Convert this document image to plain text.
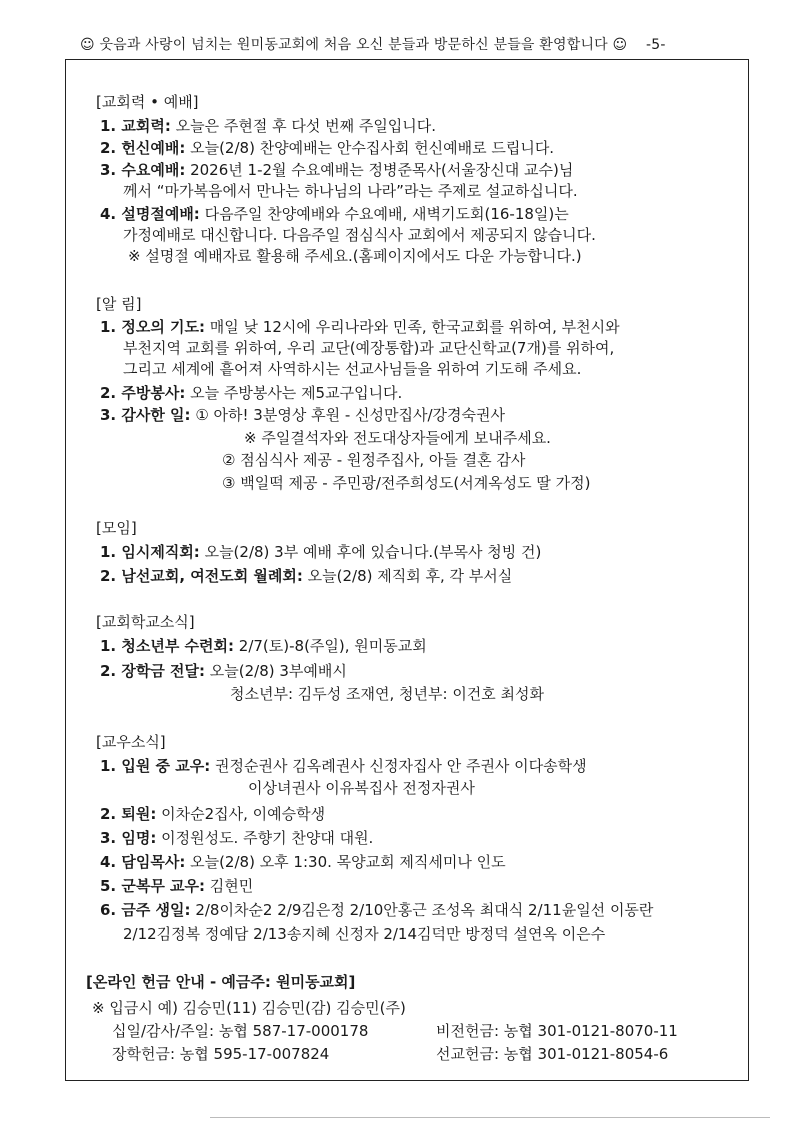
☺ 웃음과 사랑이 넘치는 원미동교회에 처음 오신 분들과 방문하신 분들을 환영합니다 ☺ -5-
[교회력 • 예배]
1. 교회력: 오늘은 주현절 후 다섯 번째 주일입니다.
2. 헌신예배: 오늘(2/8) 찬양예배는 안수집사회 헌신예배로 드립니다.
3. 수요예배: 2026년 1-2월 수요예배는 정병준목사(서울장신대 교수)님
께서 “마가복음에서 만나는 하나님의 나라”라는 주제로 설교하십니다.
4. 설명절예배: 다음주일 찬양예배와 수요예배, 새벽기도회(16-18일)는
가정예배로 대신합니다. 다음주일 점심식사 교회에서 제공되지 않습니다.
※ 설명절 예배자료 활용해 주세요.(홈페이지에서도 다운 가능합니다.)
[알 림]
1. 정오의 기도: 매일 낮 12시에 우리나라와 민족, 한국교회를 위하여, 부천시와
부천지역 교회를 위하여, 우리 교단(예장통합)과 교단신학교(7개)를 위하여,
그리고 세계에 흩어져 사역하시는 선교사님들을 위하여 기도해 주세요.
2. 주방봉사: 오늘 주방봉사는 제5교구입니다.
3. 감사한 일: ① 아하! 3분영상 후원 - 신성만집사/강경숙권사
※ 주일결석자와 전도대상자들에게 보내주세요.
② 점심식사 제공 - 원정주집사, 아들 결혼 감사
③ 백일떡 제공 - 주민광/전주희성도(서계옥성도 딸 가정)
[모임]
1. 임시제직회: 오늘(2/8) 3부 예배 후에 있습니다.(부목사 청빙 건)
2. 남선교회, 여전도회 월례회: 오늘(2/8) 제직회 후, 각 부서실
[교회학교소식]
1. 청소년부 수련회: 2/7(토)-8(주일), 원미동교회
2. 장학금 전달: 오늘(2/8) 3부예배시
청소년부: 김두성 조재연, 청년부: 이건호 최성화
[교우소식]
1. 입원 중 교우: 권정순권사 김옥례권사 신정자집사 안 주권사 이다송학생
이상녀권사 이유복집사 전정자권사
2. 퇴원: 이차순2집사, 이예승학생
3. 임명: 이정원성도. 주향기 찬양대 대원.
4. 담임목사: 오늘(2/8) 오후 1:30. 목양교회 제직세미나 인도
5. 군복무 교우: 김현민
6. 금주 생일: 2/8이차순2 2/9김은정 2/10안홍근 조성옥 최대식 2/11윤일선 이동란
2/12김정복 정예담 2/13송지혜 신정자 2/14김덕만 방정덕 설연옥 이은수
[온라인 헌금 안내 - 예금주: 원미동교회]
※ 입금시 예) 김승민(11) 김승민(감) 김승민(주)
십일/감사/주일: 농협 587-17-000178	비전헌금: 농협 301-0121-8070-11
장학헌금: 농협 595-17-007824	선교헌금: 농협 301-0121-8054-6
